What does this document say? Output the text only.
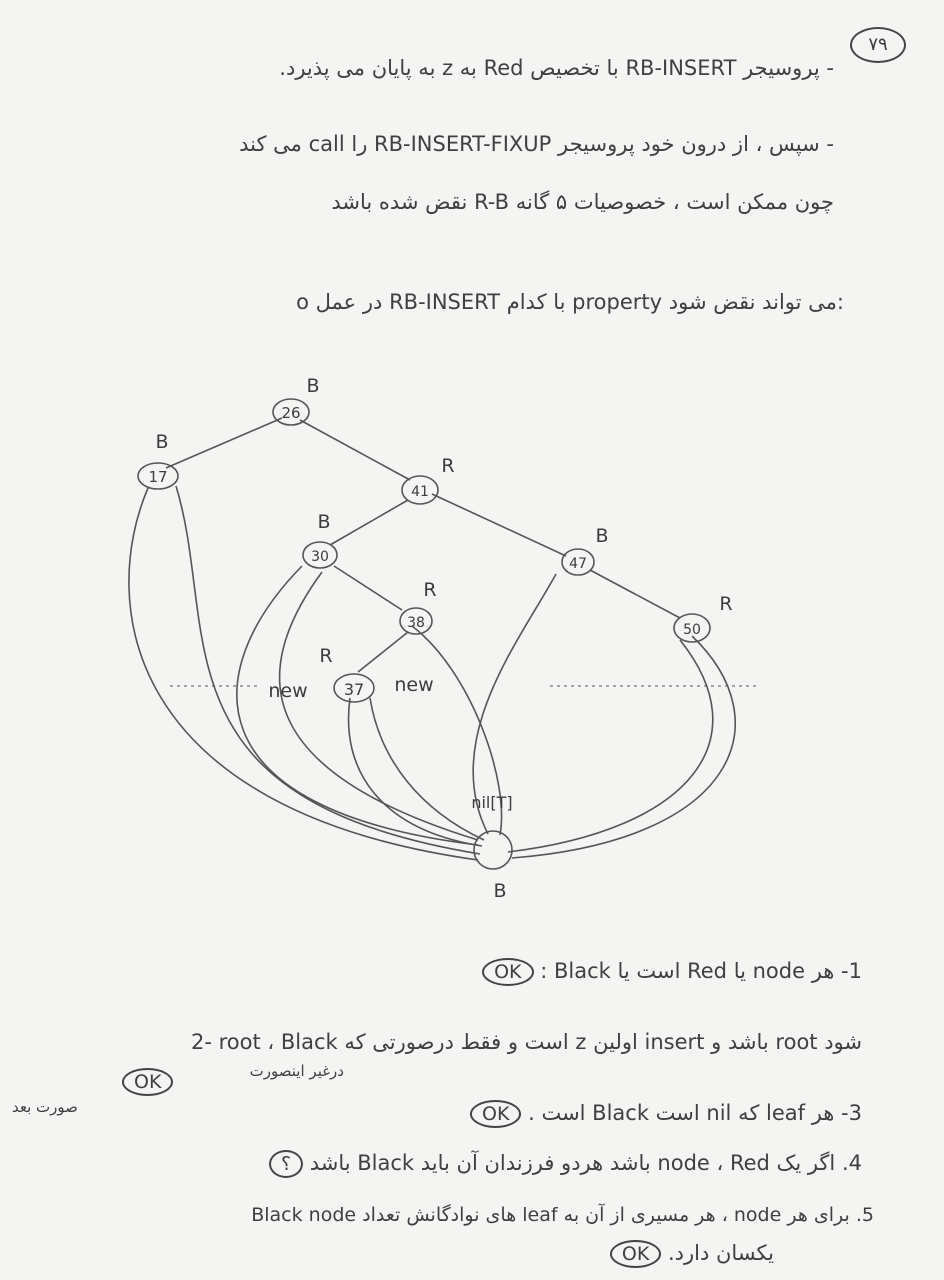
۷۹
- پروسیجر RB-INSERT با تخصیص Red به z به پایان می پذیرد.
- سپس ، از درون خود پروسیجر RB-INSERT-FIXUP را call می کند
چون ممکن است ، خصوصیات ۵ گانه R-B نقض شده باشد
o در عمل RB-INSERT با کدام property می تواند نقض شود:
26
B
17
B
41
R
30
B
47
B
38
R
50
R
37
R
new	new
nil[T]
B
1- هر node یا Red است یا Black : OK
2- root ، Black است و فقط درصورتی که z اولین insert باشد و root شود
درغیر اینصورت
OK
صورت بعد	3- هر leaf که nil است Black است . OK
4. اگر یک node ، Red باشد هردو فرزندان آن باید Black باشد ؟
5. برای هر node ، هر مسیری از آن به leaf های نوادگانش تعداد Black node
یکسان دارد. OK
